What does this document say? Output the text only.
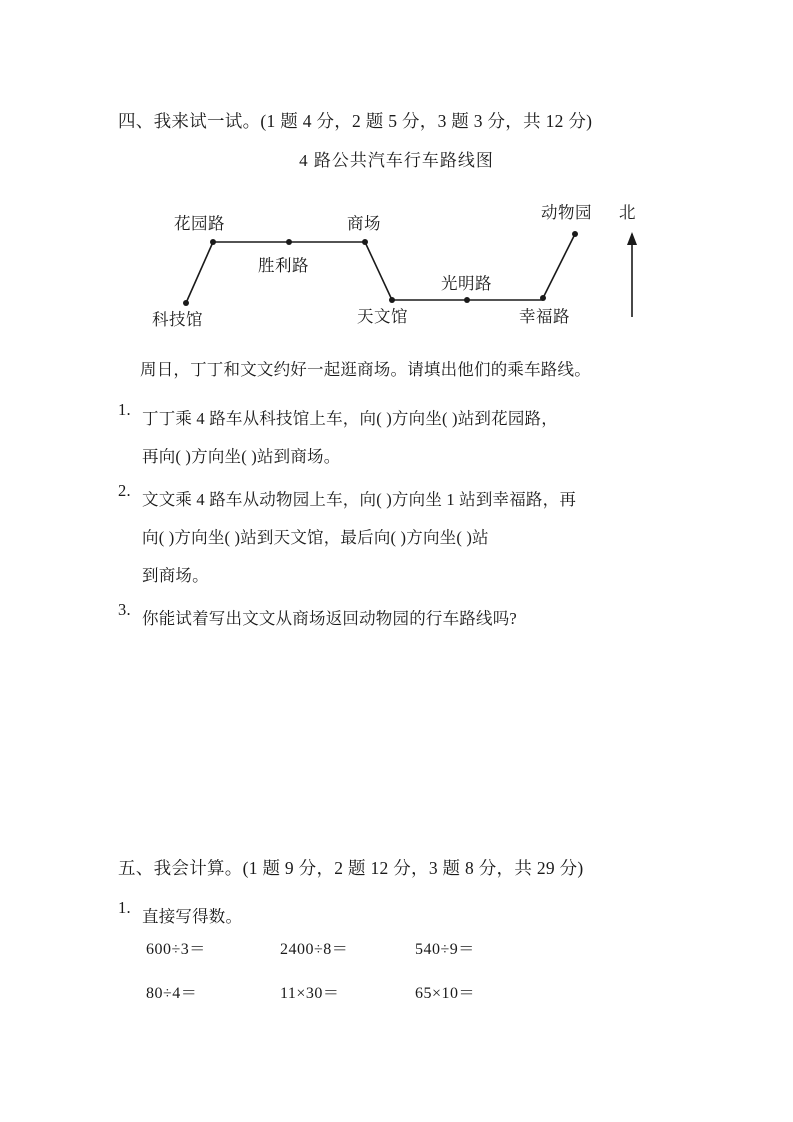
四、我来试一试。(1 题 4 分，2 题 5 分，3 题 3 分，共 12 分)
4 路公共汽车行车路线图
科技馆
花园路	商场
天文馆	幸福路
动物园
胜利路
光明路
北
周日，丁丁和文文约好一起逛商场。请填出他们的乘车路线。
1. 丁丁乘 4 路车从科技馆上车，向( )方向坐( )站到花园路，
再向( )方向坐( )站到商场。
2. 文文乘 4 路车从动物园上车，向( )方向坐 1 站到幸福路，再
向( )方向坐( )站到天文馆，最后向( )方向坐( )站
到商场。
3. 你能试着写出文文从商场返回动物园的行车路线吗?
五、我会计算。(1 题 9 分，2 题 12 分，3 题 8 分，共 29 分)
1. 直接写得数。
600÷3＝	2400÷8＝	540÷9＝
80÷4＝	11×30＝	65×10＝
